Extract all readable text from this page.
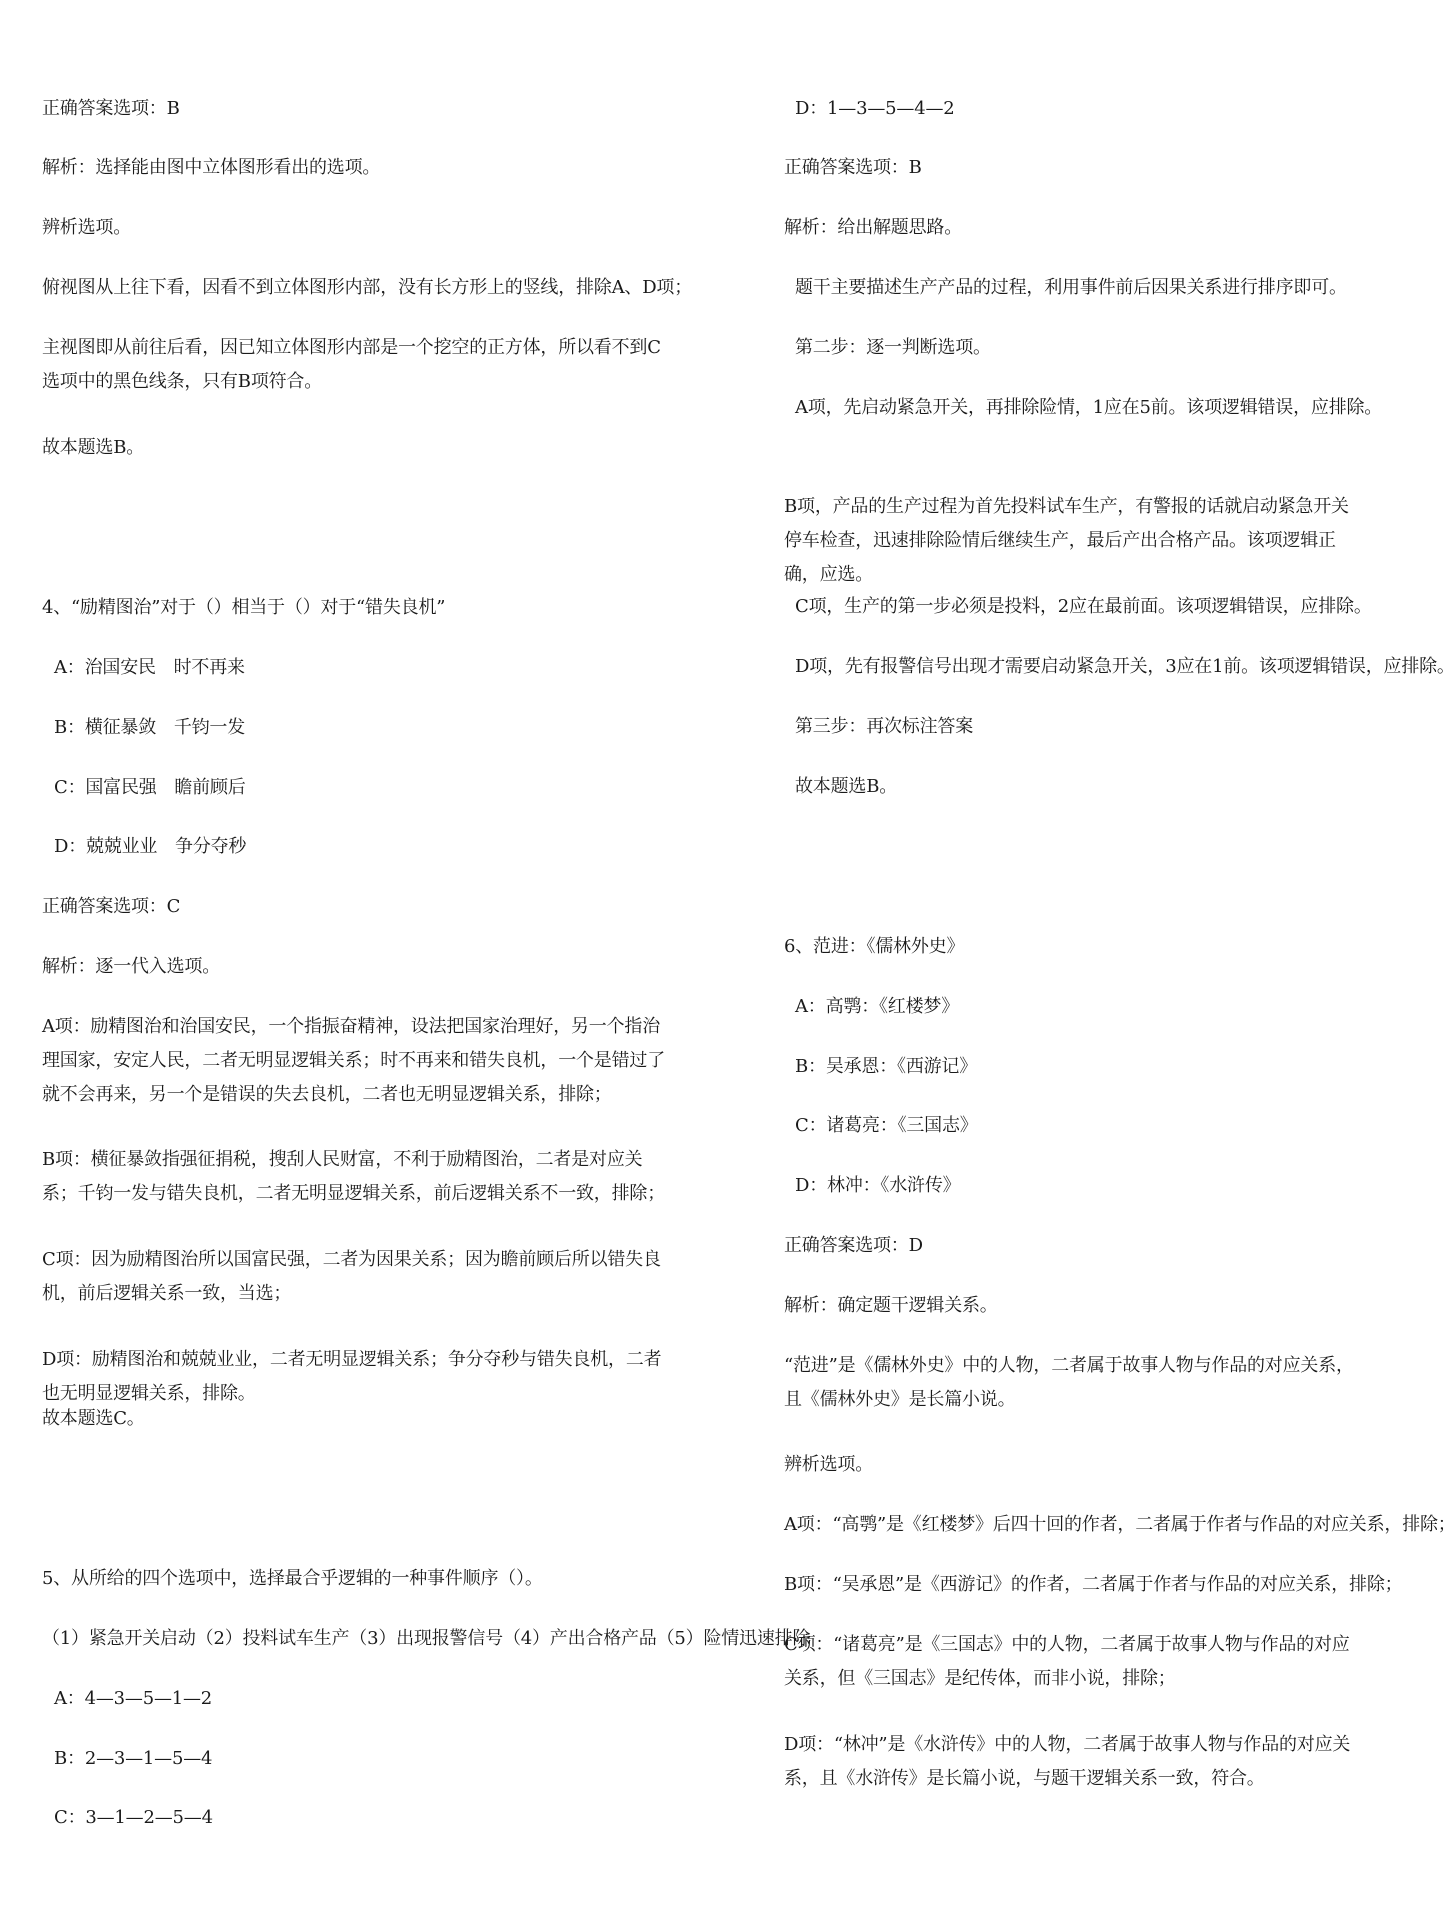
正确答案选项：B

解析：选择能由图中立体图形看出的选项。

辨析选项。

俯视图从上往下看，因看不到立体图形内部，没有长方形上的竖线，排除A、D项；

主视图即从前往后看，因已知立体图形内部是一个挖空的正方体，所以看不到C选项中的黑色线条，只有B项符合。

故本题选B。

4、“励精图治”对于（）相当于（）对于“错失良机”

A：治国安民　时不再来

B：横征暴敛　千钧一发

C：国富民强　瞻前顾后

D：兢兢业业　争分夺秒

正确答案选项：C

解析：逐一代入选项。

A项：励精图治和治国安民，一个指振奋精神，设法把国家治理好，另一个指治理国家，安定人民，二者无明显逻辑关系；时不再来和错失良机，一个是错过了就不会再来，另一个是错误的失去良机，二者也无明显逻辑关系，排除；

B项：横征暴敛指强征捐税，搜刮人民财富，不利于励精图治，二者是对应关系；千钧一发与错失良机，二者无明显逻辑关系，前后逻辑关系不一致，排除；

C项：因为励精图治所以国富民强，二者为因果关系；因为瞻前顾后所以错失良机，前后逻辑关系一致，当选；

D项：励精图治和兢兢业业，二者无明显逻辑关系；争分夺秒与错失良机，二者也无明显逻辑关系，排除。

故本题选C。

5、从所给的四个选项中，选择最合乎逻辑的一种事件顺序（）。

（1）紧急开关启动（2）投料试车生产（3）出现报警信号（4）产出合格产品（5）险情迅速排除

A：4—3—5—1—2

B：2—3—1—5—4

C：3—1—2—5—4

D：1—3—5—4—2

正确答案选项：B

解析：给出解题思路。

题干主要描述生产产品的过程，利用事件前后因果关系进行排序即可。

第二步：逐一判断选项。

A项，先启动紧急开关，再排除险情，1应在5前。该项逻辑错误，应排除。

B项，产品的生产过程为首先投料试车生产，有警报的话就启动紧急开关停车检查，迅速排除险情后继续生产，最后产出合格产品。该项逻辑正确，应选。

C项，生产的第一步必须是投料，2应在最前面。该项逻辑错误，应排除。

D项，先有报警信号出现才需要启动紧急开关，3应在1前。该项逻辑错误，应排除。

第三步：再次标注答案

故本题选B。

6、范进：《儒林外史》

A：高鹗：《红楼梦》

B：吴承恩：《西游记》

C：诸葛亮：《三国志》

D：林冲：《水浒传》

正确答案选项：D

解析：确定题干逻辑关系。

“范进”是《儒林外史》中的人物，二者属于故事人物与作品的对应关系，且《儒林外史》是长篇小说。

辨析选项。

A项：“高鹗”是《红楼梦》后四十回的作者，二者属于作者与作品的对应关系，排除；

B项：“吴承恩”是《西游记》的作者，二者属于作者与作品的对应关系，排除；

C项：“诸葛亮”是《三国志》中的人物，二者属于故事人物与作品的对应关系，但《三国志》是纪传体，而非小说，排除；

D项：“林冲”是《水浒传》中的人物，二者属于故事人物与作品的对应关系，且《水浒传》是长篇小说，与题干逻辑关系一致，符合。
